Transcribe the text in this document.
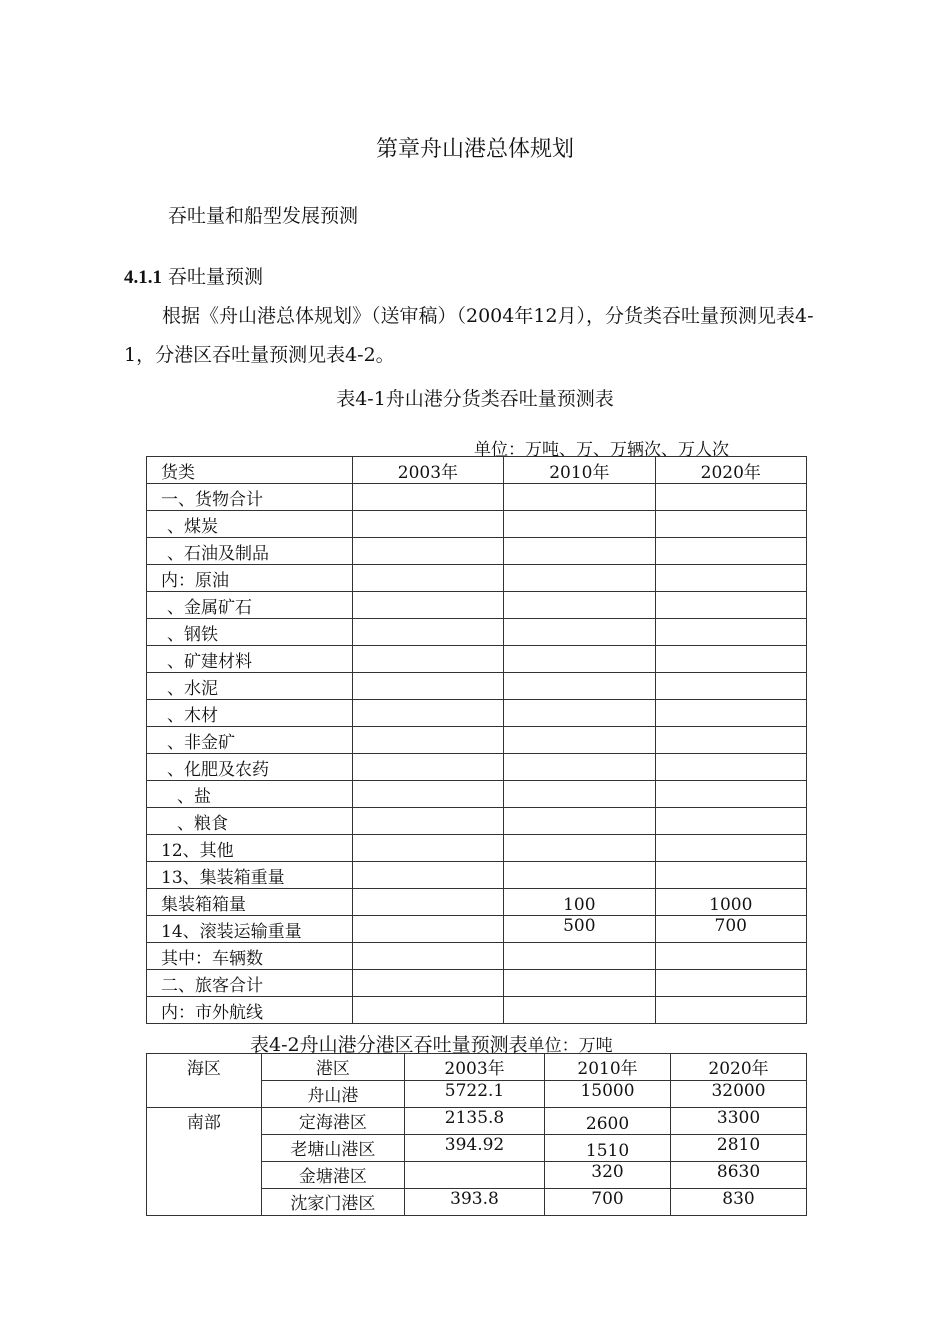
第章舟山港总体规划
吞吐量和船型发展预测
4.1.1 吞吐量预测
根据《舟山港总体规划》（送审稿）（2004年12月），分货类吞吐量预测见表4-1，分港区吞吐量预测见表4-2。
表4-1舟山港分货类吞吐量预测表
单位：万吨、万、万辆次、万人次
货类	2003年	2010年	2020年
一、货物合计			
、煤炭			
、石油及制品			
内：原油			
、金属矿石			
、钢铁			
、矿建材料			
、水泥			
、木材			
、非金矿			
、化肥及农药			
、盐			
、粮食			
12、其他			
13、集装箱重量			
集装箱箱量		100	1000
14、滚装运输重量		500	700
其中：车辆数			
二、旅客合计			
内：市外航线			
表4-2舟山港分港区吞吐量预测表单位：万吨
海区	港区	2003年	2010年	2020年
	舟山港	5722.1	15000	32000
南部	定海港区	2135.8	2600	3300
	老塘山港区	394.92	1510	2810
	金塘港区		320	8630
	沈家门港区	393.8	700	830
